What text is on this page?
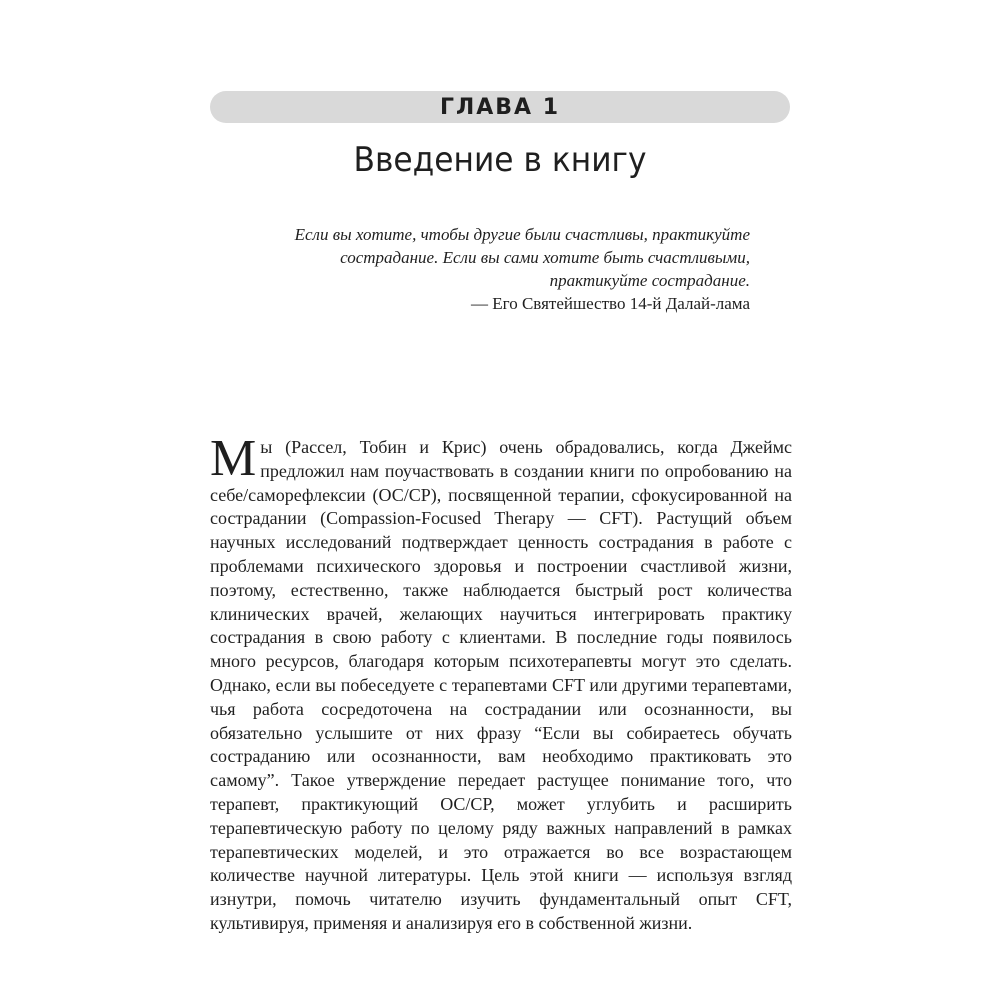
ГЛАВА 1
Введение в книгу
Если вы хотите, чтобы другие были счастливы, практикуйте
сострадание. Если вы сами хотите быть счастливыми,
практикуйте сострадание.
— Его Святейшество 14-й Далай-лама
Мы (Рассел, Тобин и Крис) очень обрадовались, когда Джеймс предложил нам поучаствовать в создании книги по опробованию на себе/саморефлексии (ОС/СР), посвященной терапии, сфокусированной на сострадании (Compassion-Focused Therapy — CFT). Растущий объем научных исследований подтверждает ценность сострадания в работе с проблемами психического здоровья и построении счастливой жизни, поэтому, естественно, также наблюдается быстрый рост количества клинических врачей, желающих научиться интегрировать практику сострадания в свою работу с клиентами. В последние годы появилось много ресурсов, благодаря которым психотерапевты могут это сделать. Однако, если вы побеседуете с терапевтами CFT или другими терапевтами, чья работа сосредоточена на сострадании или осознанности, вы обязательно услышите от них фразу “Если вы собираетесь обучать состраданию или осознанности, вам необходимо практиковать это самому”. Такое утверждение передает растущее понимание того, что терапевт, практикующий ОС/СР, может углубить и расширить терапевтическую работу по целому ряду важных направлений в рамках терапевтических моделей, и это отражается во все возрастающем количестве научной литературы. Цель этой книги — используя взгляд изнутри, помочь читателю изучить фундаментальный опыт CFT, культивируя, применяя и анализируя его в собственной жизни.
